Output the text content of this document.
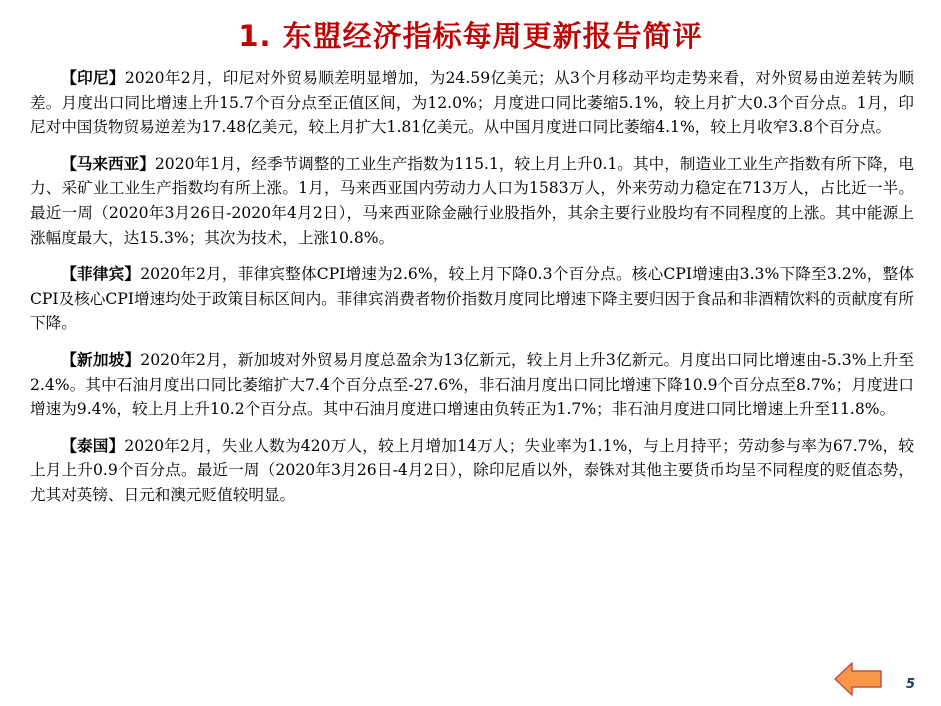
1. 东盟经济指标每周更新报告简评

【印尼】2020年2月，印尼对外贸易顺差明显增加，为24.59亿美元；从3个月移动平均走势来看，对外贸易由逆差转为顺差。月度出口同比增速上升15.7个百分点至正值区间，为12.0%；月度进口同比萎缩5.1%，较上月扩大0.3个百分点。1月，印尼对中国货物贸易逆差为17.48亿美元，较上月扩大1.81亿美元。从中国月度进口同比萎缩4.1%，较上月收窄3.8个百分点。

【马来西亚】2020年1月，经季节调整的工业生产指数为115.1，较上月上升0.1。其中，制造业工业生产指数有所下降，电力、采矿业工业生产指数均有所上涨。1月，马来西亚国内劳动力人口为1583万人，外来劳动力稳定在713万人，占比近一半。最近一周（2020年3月26日-2020年4月2日），马来西亚除金融行业股指外，其余主要行业股均有不同程度的上涨。其中能源上涨幅度最大，达15.3%；其次为技术，上涨10.8%。

【菲律宾】2020年2月，菲律宾整体CPI增速为2.6%，较上月下降0.3个百分点。核心CPI增速由3.3%下降至3.2%，整体CPI及核心CPI增速均处于政策目标区间内。菲律宾消费者物价指数月度同比增速下降主要归因于食品和非酒精饮料的贡献度有所下降。

【新加坡】2020年2月，新加坡对外贸易月度总盈余为13亿新元，较上月上升3亿新元。月度出口同比增速由-5.3%上升至2.4%。其中石油月度出口同比萎缩扩大7.4个百分点至-27.6%，非石油月度出口同比增速下降10.9个百分点至8.7%；月度进口增速为9.4%，较上月上升10.2个百分点。其中石油月度进口增速由负转正为1.7%；非石油月度进口同比增速上升至11.8%。

【泰国】2020年2月，失业人数为420万人，较上月增加14万人；失业率为1.1%，与上月持平；劳动参与率为67.7%，较上月上升0.9个百分点。最近一周（2020年3月26日-4月2日），除印尼盾以外，泰铢对其他主要货币均呈不同程度的贬值态势，尤其对英镑、日元和澳元贬值较明显。

5
